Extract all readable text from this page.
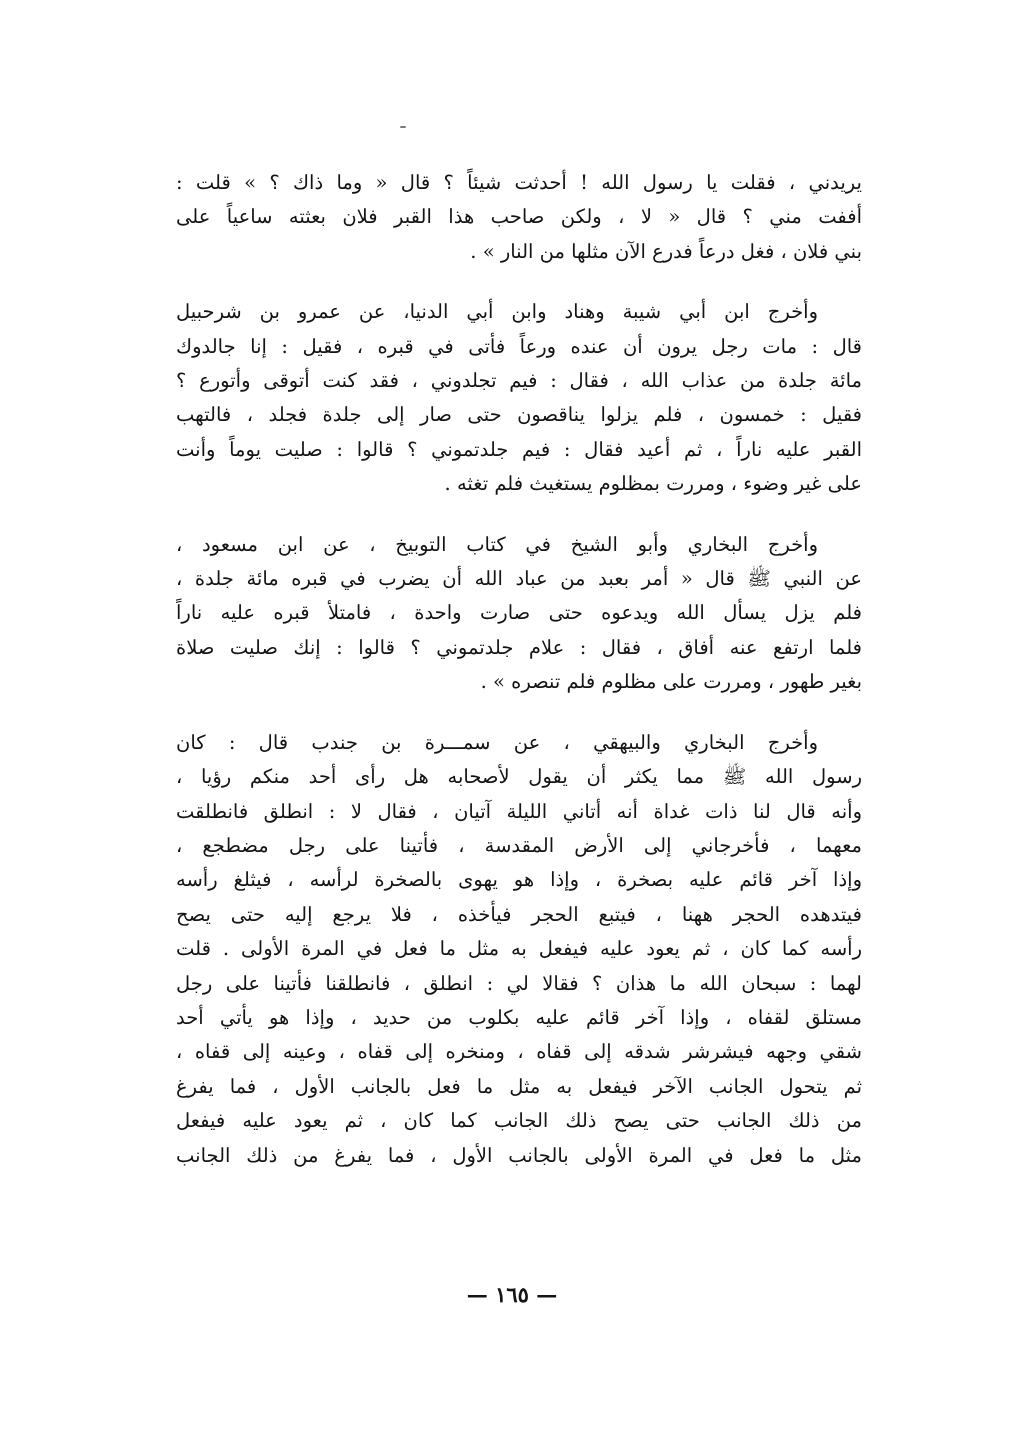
يريدني ، فقلت يا رسول الله ! أحدثت شيئاً ؟ قال « وما ذاك ؟ » قلت :
أففت مني ؟ قال « لا ، ولكن صاحب هذا القبر فلان بعثته ساعياً على
بني فلان ، فغل درعاً فدرع الآن مثلها من النار » .

وأخرج ابن أبي شيبة وهناد وابن أبي الدنيا، عن عمرو بن شرحبيل
قال : مات رجل يرون أن عنده ورعاً فأتى في قبره ، فقيل : إنا جالدوك
مائة جلدة من عذاب الله ، فقال : فيم تجلدوني ، فقد كنت أتوقى وأتورع ؟
فقيل : خمسون ، فلم يزلوا يناقصون حتى صار إلى جلدة فجلد ، فالتهب
القبر عليه ناراً ، ثم أعيد فقال : فيم جلدتموني ؟ قالوا : صليت يوماً وأنت
على غير وضوء ، ومررت بمظلوم يستغيث فلم تغثه .

وأخرج البخاري وأبو الشيخ في كتاب التوبيخ ، عن ابن مسعود ،
عن النبي ﷺ قال « أمر بعبد من عباد الله أن يضرب في قبره مائة جلدة ،
فلم يزل يسأل الله ويدعوه حتى صارت واحدة ، فامتلأ قبره عليه ناراً
فلما ارتفع عنه أفاق ، فقال : علام جلدتموني ؟ قالوا : إنك صليت صلاة
بغير طهور ، ومررت على مظلوم فلم تنصره » .

وأخرج البخاري والبيهقي ، عن سمـــرة بن جندب قال : كان
رسول الله ﷺ مما يكثر أن يقول لأصحابه هل رأى أحد منكم رؤيا ،
وأنه قال لنا ذات غداة أنه أتاني الليلة آتيان ، فقال لا : انطلق فانطلقت
معهما ، فأخرجاني إلى الأرض المقدسة ، فأتينا على رجل مضطجع ،
وإذا آخر قائم عليه بصخرة ، وإذا هو يهوى بالصخرة لرأسه ، فيثلغ رأسه
فيتدهده الحجر ههنا ، فيتبع الحجر فيأخذه ، فلا يرجع إليه حتى يصح
رأسه كما كان ، ثم يعود عليه فيفعل به مثل ما فعل في المرة الأولى . قلت
لهما : سبحان الله ما هذان ؟ فقالا لي : انطلق ، فانطلقنا فأتينا على رجل
مستلق لقفاه ، وإذا آخر قائم عليه بكلوب من حديد ، وإذا هو يأتي أحد
شقي وجهه فيشرشر شدقه إلى قفاه ، ومنخره إلى قفاه ، وعينه إلى قفاه ،
ثم يتحول الجانب الآخر فيفعل به مثل ما فعل بالجانب الأول ، فما يفرغ
من ذلك الجانب حتى يصح ذلك الجانب كما كان ، ثم يعود عليه فيفعل
مثل ما فعل في المرة الأولى بالجانب الأول ، فما يفرغ من ذلك الجانب

— ١٦٥ —
